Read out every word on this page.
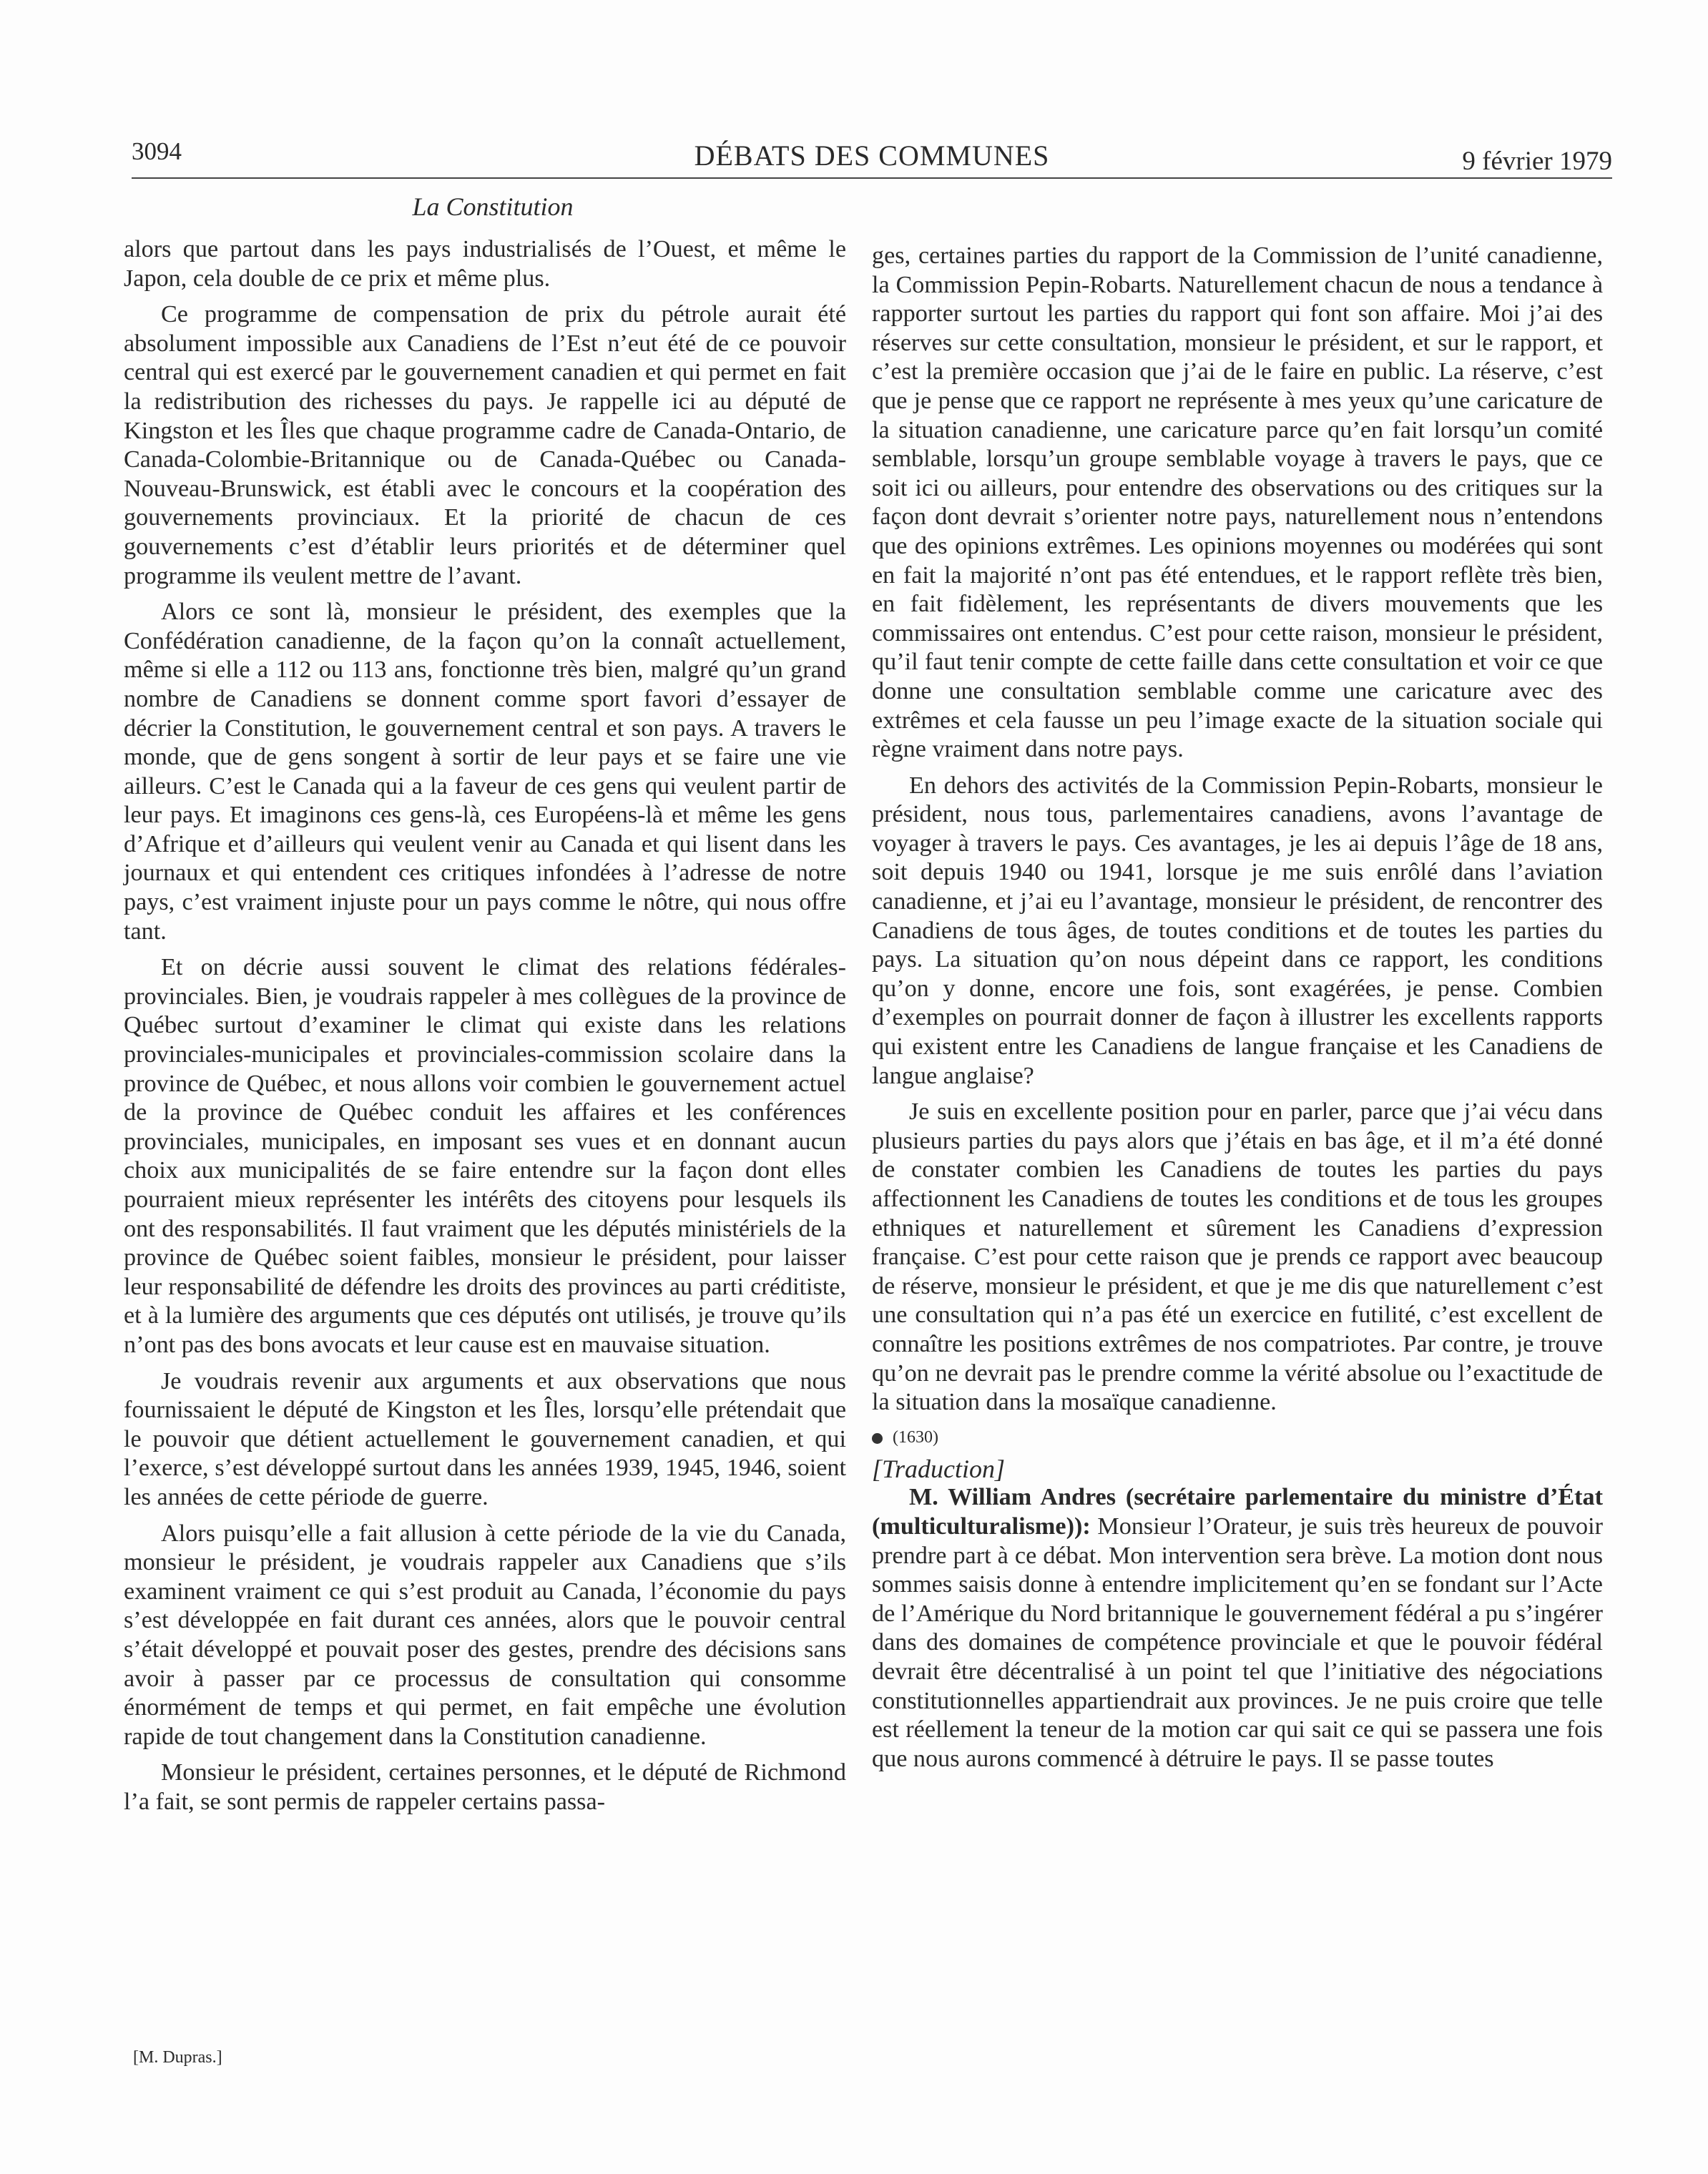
3094	DÉBATS DES COMMUNES	9 février 1979
La Constitution

alors que partout dans les pays industrialisés de l’Ouest, et même le Japon, cela double de ce prix et même plus.

Ce programme de compensation de prix du pétrole aurait été absolument impossible aux Canadiens de l’Est n’eut été de ce pouvoir central qui est exercé par le gouvernement canadien et qui permet en fait la redistribution des richesses du pays. Je rappelle ici au député de Kingston et les Îles que chaque programme cadre de Canada-Ontario, de Canada-Colombie-Britannique ou de Canada-Québec ou Canada-Nouveau-Brunswick, est établi avec le concours et la coopération des gouvernements provinciaux. Et la priorité de chacun de ces gouvernements c’est d’établir leurs priorités et de déterminer quel programme ils veulent mettre de l’avant.

Alors ce sont là, monsieur le président, des exemples que la Confédération canadienne, de la façon qu’on la connaît actuellement, même si elle a 112 ou 113 ans, fonctionne très bien, malgré qu’un grand nombre de Canadiens se donnent comme sport favori d’essayer de décrier la Constitution, le gouvernement central et son pays. A travers le monde, que de gens songent à sortir de leur pays et se faire une vie ailleurs. C’est le Canada qui a la faveur de ces gens qui veulent partir de leur pays. Et imaginons ces gens-là, ces Européens-là et même les gens d’Afrique et d’ailleurs qui veulent venir au Canada et qui lisent dans les journaux et qui entendent ces critiques infondées à l’adresse de notre pays, c’est vraiment injuste pour un pays comme le nôtre, qui nous offre tant.

Et on décrie aussi souvent le climat des relations fédérales-provinciales. Bien, je voudrais rappeler à mes collègues de la province de Québec surtout d’examiner le climat qui existe dans les relations provinciales-municipales et provinciales-commission scolaire dans la province de Québec, et nous allons voir combien le gouvernement actuel de la province de Québec conduit les affaires et les conférences provinciales, municipales, en imposant ses vues et en donnant aucun choix aux municipalités de se faire entendre sur la façon dont elles pourraient mieux représenter les intérêts des citoyens pour lesquels ils ont des responsabilités. Il faut vraiment que les députés ministériels de la province de Québec soient faibles, monsieur le président, pour laisser leur responsabilité de défendre les droits des provinces au parti créditiste, et à la lumière des arguments que ces députés ont utilisés, je trouve qu’ils n’ont pas des bons avocats et leur cause est en mauvaise situation.

Je voudrais revenir aux arguments et aux observations que nous fournissaient le député de Kingston et les Îles, lorsqu’elle prétendait que le pouvoir que détient actuellement le gouvernement canadien, et qui l’exerce, s’est développé surtout dans les années 1939, 1945, 1946, soient les années de cette période de guerre.

Alors puisqu’elle a fait allusion à cette période de la vie du Canada, monsieur le président, je voudrais rappeler aux Canadiens que s’ils examinent vraiment ce qui s’est produit au Canada, l’économie du pays s’est développée en fait durant ces années, alors que le pouvoir central s’était développé et pouvait poser des gestes, prendre des décisions sans avoir à passer par ce processus de consultation qui consomme énormément de temps et qui permet, en fait empêche une évolution rapide de tout changement dans la Constitution canadienne.

Monsieur le président, certaines personnes, et le député de Richmond l’a fait, se sont permis de rappeler certains passa-

[M. Dupras.]

ges, certaines parties du rapport de la Commission de l’unité canadienne, la Commission Pepin-Robarts. Naturellement chacun de nous a tendance à rapporter surtout les parties du rapport qui font son affaire. Moi j’ai des réserves sur cette consultation, monsieur le président, et sur le rapport, et c’est la première occasion que j’ai de le faire en public. La réserve, c’est que je pense que ce rapport ne représente à mes yeux qu’une caricature de la situation canadienne, une caricature parce qu’en fait lorsqu’un comité semblable, lorsqu’un groupe semblable voyage à travers le pays, que ce soit ici ou ailleurs, pour entendre des observations ou des critiques sur la façon dont devrait s’orienter notre pays, naturellement nous n’entendons que des opinions extrêmes. Les opinions moyennes ou modérées qui sont en fait la majorité n’ont pas été entendues, et le rapport reflète très bien, en fait fidèlement, les représentants de divers mouvements que les commissaires ont entendus. C’est pour cette raison, monsieur le président, qu’il faut tenir compte de cette faille dans cette consultation et voir ce que donne une consultation semblable comme une caricature avec des extrêmes et cela fausse un peu l’image exacte de la situation sociale qui règne vraiment dans notre pays.

En dehors des activités de la Commission Pepin-Robarts, monsieur le président, nous tous, parlementaires canadiens, avons l’avantage de voyager à travers le pays. Ces avantages, je les ai depuis l’âge de 18 ans, soit depuis 1940 ou 1941, lorsque je me suis enrôlé dans l’aviation canadienne, et j’ai eu l’avantage, monsieur le président, de rencontrer des Canadiens de tous âges, de toutes conditions et de toutes les parties du pays. La situation qu’on nous dépeint dans ce rapport, les conditions qu’on y donne, encore une fois, sont exagérées, je pense. Combien d’exemples on pourrait donner de façon à illustrer les excellents rapports qui existent entre les Canadiens de langue française et les Canadiens de langue anglaise?

Je suis en excellente position pour en parler, parce que j’ai vécu dans plusieurs parties du pays alors que j’étais en bas âge, et il m’a été donné de constater combien les Canadiens de toutes les parties du pays affectionnent les Canadiens de toutes les conditions et de tous les groupes ethniques et naturellement et sûrement les Canadiens d’expression française. C’est pour cette raison que je prends ce rapport avec beaucoup de réserve, monsieur le président, et que je me dis que naturellement c’est une consultation qui n’a pas été un exercice en futilité, c’est excellent de connaître les positions extrêmes de nos compatriotes. Par contre, je trouve qu’on ne devrait pas le prendre comme la vérité absolue ou l’exactitude de la situation dans la mosaïque canadienne.

(1630)
[Traduction]

M. William Andres (secrétaire parlementaire du ministre d’État (multiculturalisme)): Monsieur l’Orateur, je suis très heureux de pouvoir prendre part à ce débat. Mon intervention sera brève. La motion dont nous sommes saisis donne à entendre implicitement qu’en se fondant sur l’Acte de l’Amérique du Nord britannique le gouvernement fédéral a pu s’ingérer dans des domaines de compétence provinciale et que le pouvoir fédéral devrait être décentralisé à un point tel que l’initiative des négociations constitutionnelles appartiendrait aux provinces. Je ne puis croire que telle est réellement la teneur de la motion car qui sait ce qui se passera une fois que nous aurons commencé à détruire le pays. Il se passe toutes
